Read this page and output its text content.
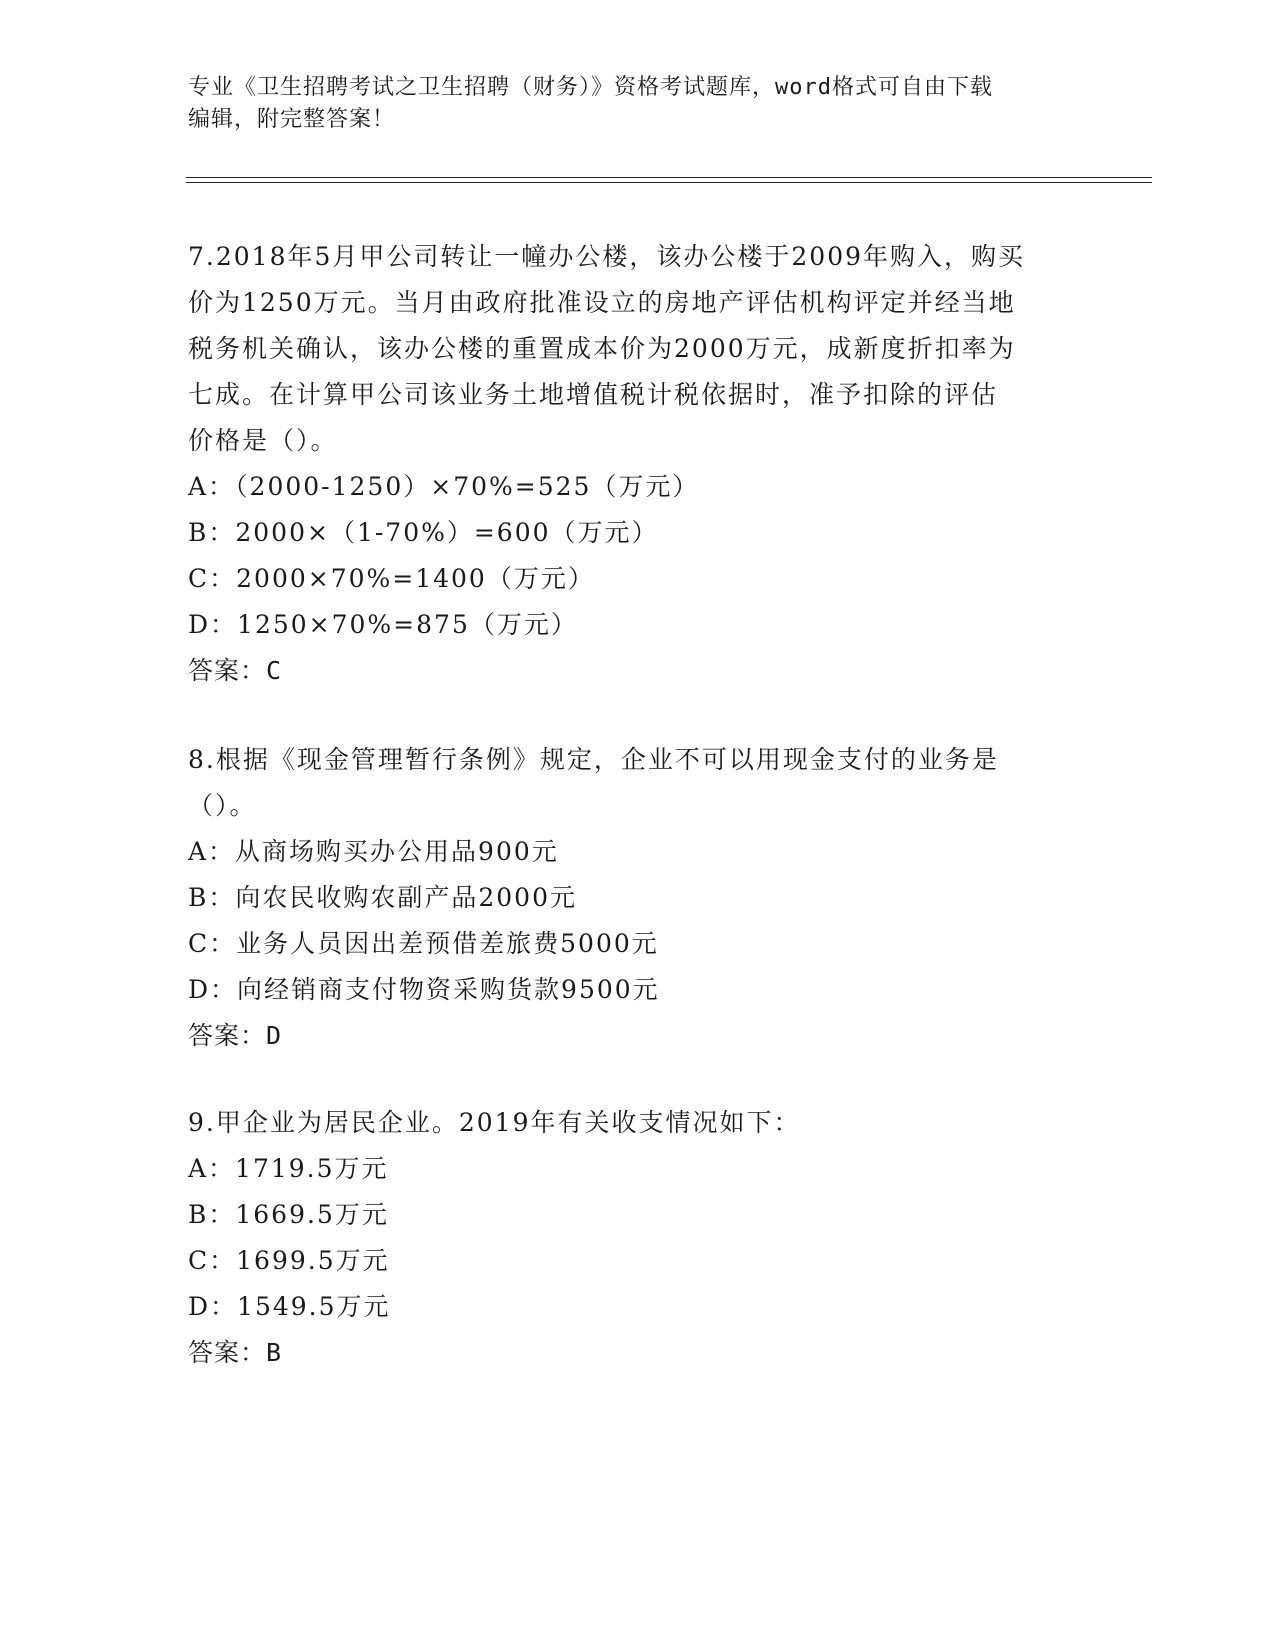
专业《卫生招聘考试之卫生招聘（财务）》资格考试题库，word格式可自由下载

编辑，附完整答案！

7.2018年5月甲公司转让一幢办公楼，该办公楼于2009年购入，购买

价为1250万元。当月由政府批准设立的房地产评估机构评定并经当地

税务机关确认，该办公楼的重置成本价为2000万元，成新度折扣率为

七成。在计算甲公司该业务土地增值税计税依据时，准予扣除的评估

价格是（）。

A：（2000-1250）×70%=525（万元）
B：2000×（1-70%）=600（万元）
C：2000×70%=1400（万元）
D：1250×70%=875（万元）
答案：C

8.根据《现金管理暂行条例》规定，企业不可以用现金支付的业务是

（）。

A：从商场购买办公用品900元
B：向农民收购农副产品2000元
C：业务人员因出差预借差旅费5000元
D：向经销商支付物资采购货款9500元
答案：D

9.甲企业为居民企业。2019年有关收支情况如下：

A：1719.5万元
B：1669.5万元
C：1699.5万元
D：1549.5万元
答案：B
